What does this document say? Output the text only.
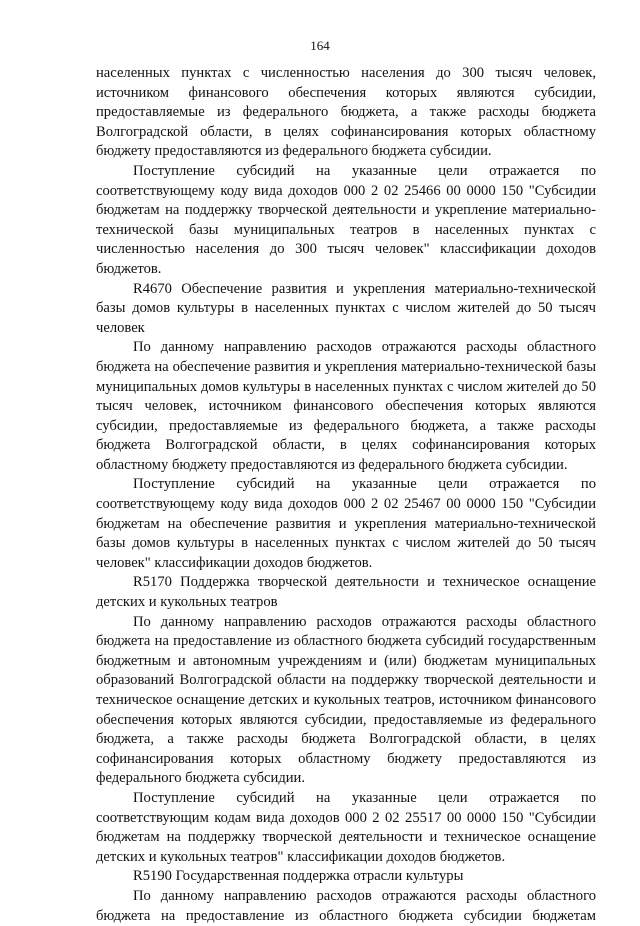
164

населенных пунктах с численностью населения до 300 тысяч человек, источником финансового обеспечения которых являются субсидии, предоставляемые из федерального бюджета, а также расходы бюджета Волгоградской области, в целях софинансирования которых областному бюджету предоставляются из федерального бюджета субсидии.

Поступление субсидий на указанные цели отражается по соответствующему коду вида доходов 000 2 02 25466 00 0000 150 "Субсидии бюджетам на поддержку творческой деятельности и укрепление материально-технической базы муниципальных театров в населенных пунктах с численностью населения до 300 тысяч человек" классификации доходов бюджетов.

R4670 Обеспечение развития и укрепления материально-технической базы домов культуры в населенных пунктах с числом жителей до 50 тысяч человек

По данному направлению расходов отражаются расходы областного бюджета на обеспечение развития и укрепления материально-технической базы муниципальных домов культуры в населенных пунктах с числом жителей до 50 тысяч человек, источником финансового обеспечения которых являются субсидии, предоставляемые из федерального бюджета, а также расходы бюджета Волгоградской области, в целях софинансирования которых областному бюджету предоставляются из федерального бюджета субсидии.

Поступление субсидий на указанные цели отражается по соответствующему коду вида доходов 000 2 02 25467 00 0000 150 "Субсидии бюджетам на обеспечение развития и укрепления материально-технической базы домов культуры в населенных пунктах с числом жителей до 50 тысяч человек" классификации доходов бюджетов.

R5170 Поддержка творческой деятельности и техническое оснащение детских и кукольных театров

По данному направлению расходов отражаются расходы областного бюджета на предоставление из областного бюджета субсидий государственным бюджетным и автономным учреждениям и (или) бюджетам муниципальных образований Волгоградской области на поддержку творческой деятельности и техническое оснащение детских и кукольных театров, источником финансового обеспечения которых являются субсидии, предоставляемые из федерального бюджета, а также расходы бюджета Волгоградской области, в целях софинансирования которых областному бюджету предоставляются из федерального бюджета субсидии.

Поступление субсидий на указанные цели отражается по соответствующим кодам вида доходов 000 2 02 25517 00 0000 150 "Субсидии бюджетам на поддержку творческой деятельности и техническое оснащение детских и кукольных театров" классификации доходов бюджетов.

R5190 Государственная поддержка отрасли культуры

По данному направлению расходов отражаются расходы областного бюджета на предоставление из областного бюджета субсидии бюджетам
